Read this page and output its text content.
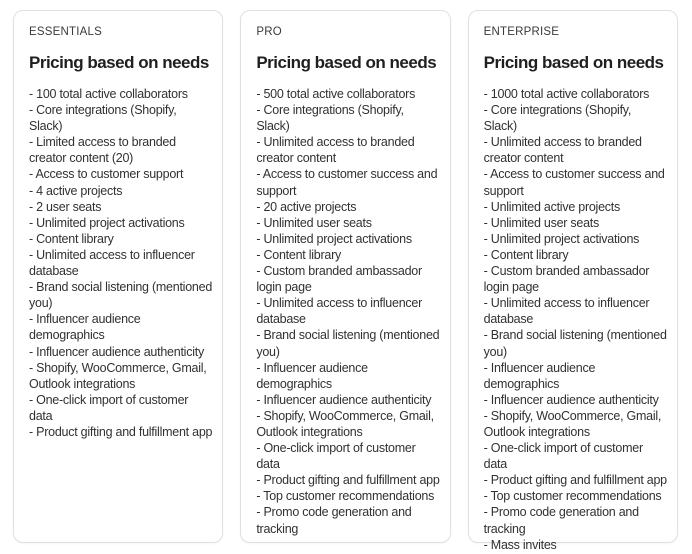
ESSENTIALS
Pricing based on needs
- 100 total active collaborators
- Core integrations (Shopify, Slack)
- Limited access to branded creator content (20)
- Access to customer support
- 4 active projects
- 2 user seats
- Unlimited project activations
- Content library
- Unlimited access to influencer database
- Brand social listening (mentioned you)
- Influencer audience demographics
- Influencer audience authenticity
- Shopify, WooCommerce, Gmail, Outlook integrations
- One-click import of customer data
- Product gifting and fulfillment app
PRO
Pricing based on needs
- 500 total active collaborators
- Core integrations (Shopify, Slack)
- Unlimited access to branded creator content
- Access to customer success and support
- 20 active projects
- Unlimited user seats
- Unlimited project activations
- Content library
- Custom branded ambassador login page
- Unlimited access to influencer database
- Brand social listening (mentioned you)
- Influencer audience demographics
- Influencer audience authenticity
- Shopify, WooCommerce, Gmail, Outlook integrations
- One-click import of customer data
- Product gifting and fulfillment app
- Top customer recommendations
- Promo code generation and tracking
ENTERPRISE
Pricing based on needs
- 1000 total active collaborators
- Core integrations (Shopify, Slack)
- Unlimited access to branded creator content
- Access to customer success and support
- Unlimited active projects
- Unlimited user seats
- Unlimited project activations
- Content library
- Custom branded ambassador login page
- Unlimited access to influencer database
- Brand social listening (mentioned you)
- Influencer audience demographics
- Influencer audience authenticity
- Shopify, WooCommerce, Gmail, Outlook integrations
- One-click import of customer data
- Product gifting and fulfillment app
- Top customer recommendations
- Promo code generation and tracking
- Mass invites
